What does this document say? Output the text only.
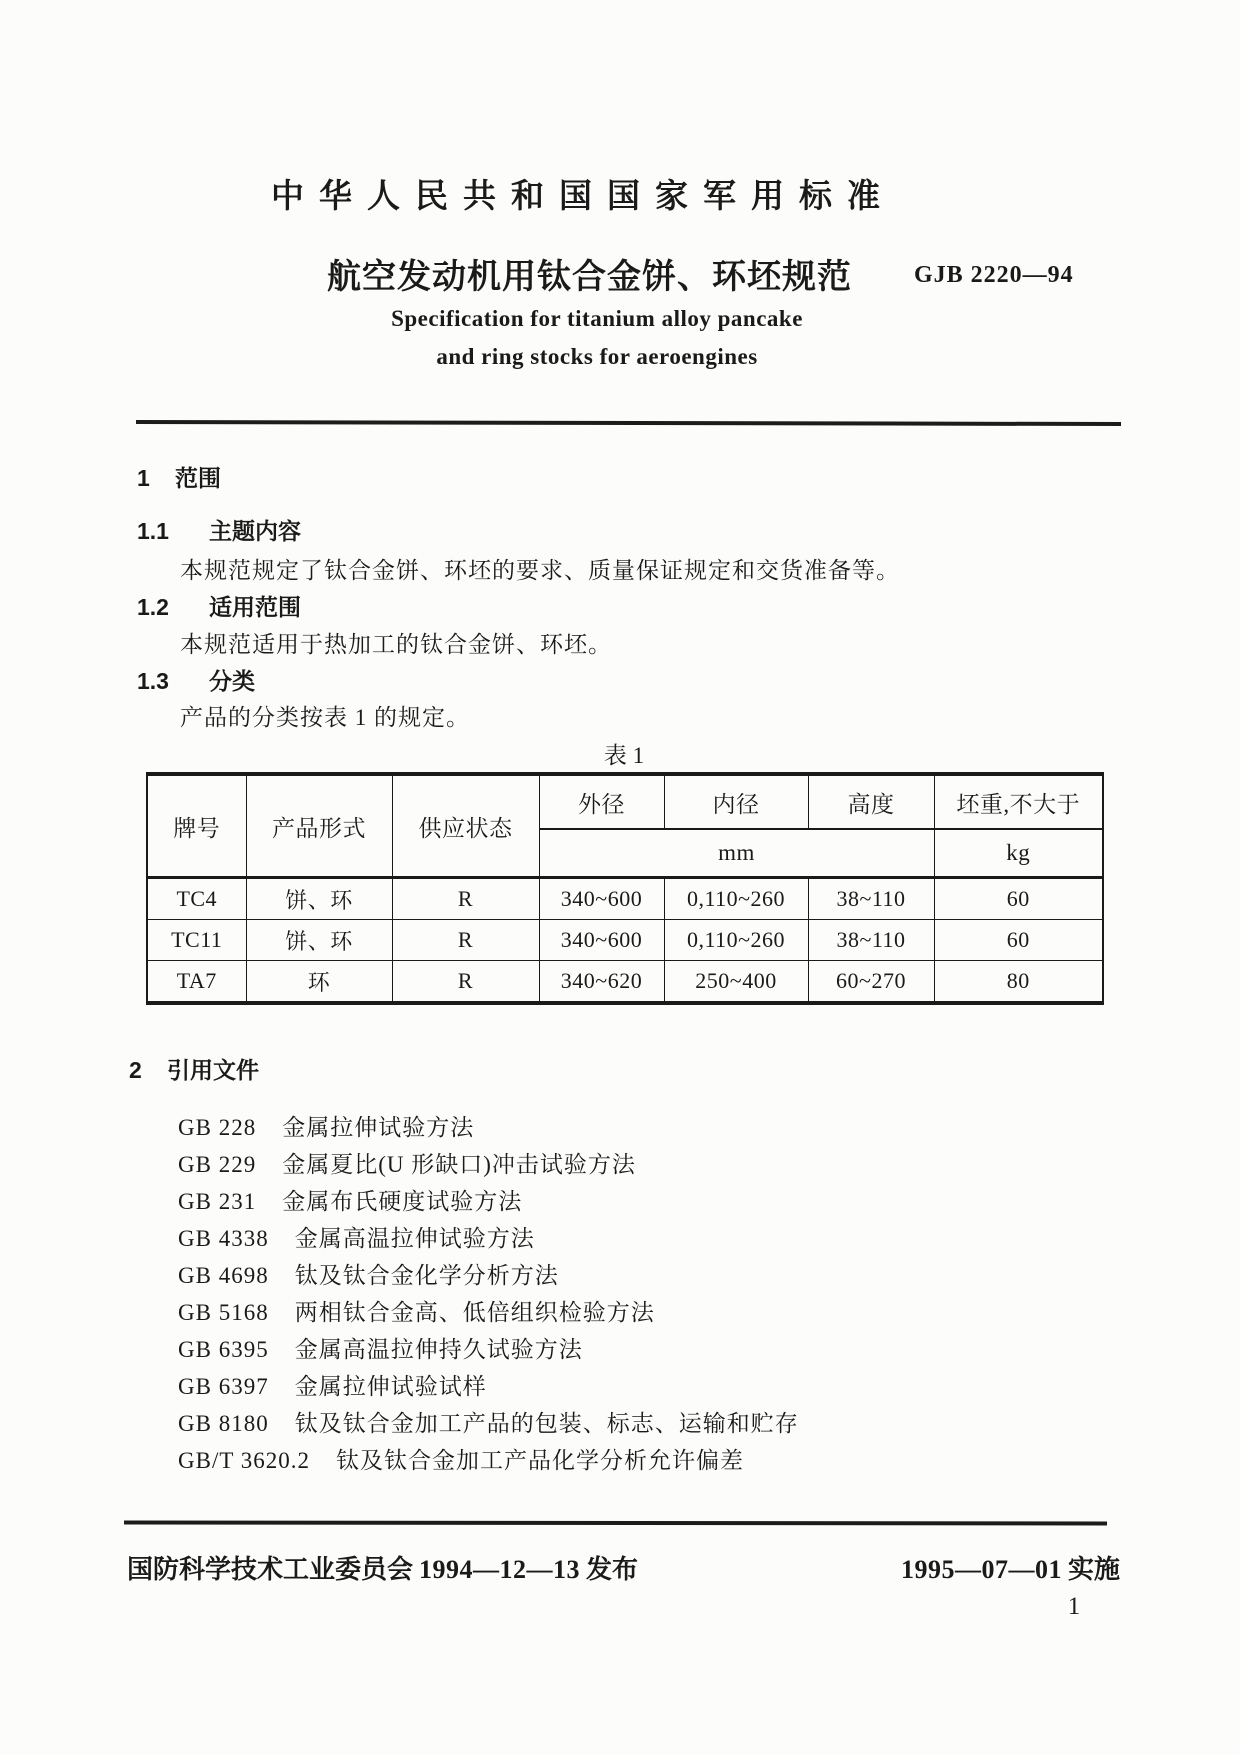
中华人民共和国国家军用标准
航空发动机用钛合金饼、环坯规范	GJB 2220—94
Specification for titanium alloy pancake
and ring stocks for aeroengines
1 范围
1.1 主题内容
本规范规定了钛合金饼、环坯的要求、质量保证规定和交货准备等。
1.2 适用范围
本规范适用于热加工的钛合金饼、环坯。
1.3 分类
产品的分类按表 1 的规定。
表 1
牌号	产品形式	供应状态	外径	内径	高度	坯重,不大于
			mm			kg
TC4	饼、环	R	340~600	0,110~260	38~110	60
TC11	饼、环	R	340~600	0,110~260	38~110	60
TA7	环	R	340~620	250~400	60~270	80
2 引用文件
GB 228 金属拉伸试验方法
GB 229 金属夏比(U 形缺口)冲击试验方法
GB 231 金属布氏硬度试验方法
GB 4338 金属高温拉伸试验方法
GB 4698 钛及钛合金化学分析方法
GB 5168 两相钛合金高、低倍组织检验方法
GB 6395 金属高温拉伸持久试验方法
GB 6397 金属拉伸试验试样
GB 8180 钛及钛合金加工产品的包装、标志、运输和贮存
GB/T 3620.2 钛及钛合金加工产品化学分析允许偏差
国防科学技术工业委员会 1994—12—13 发布	1995—07—01 实施
1
